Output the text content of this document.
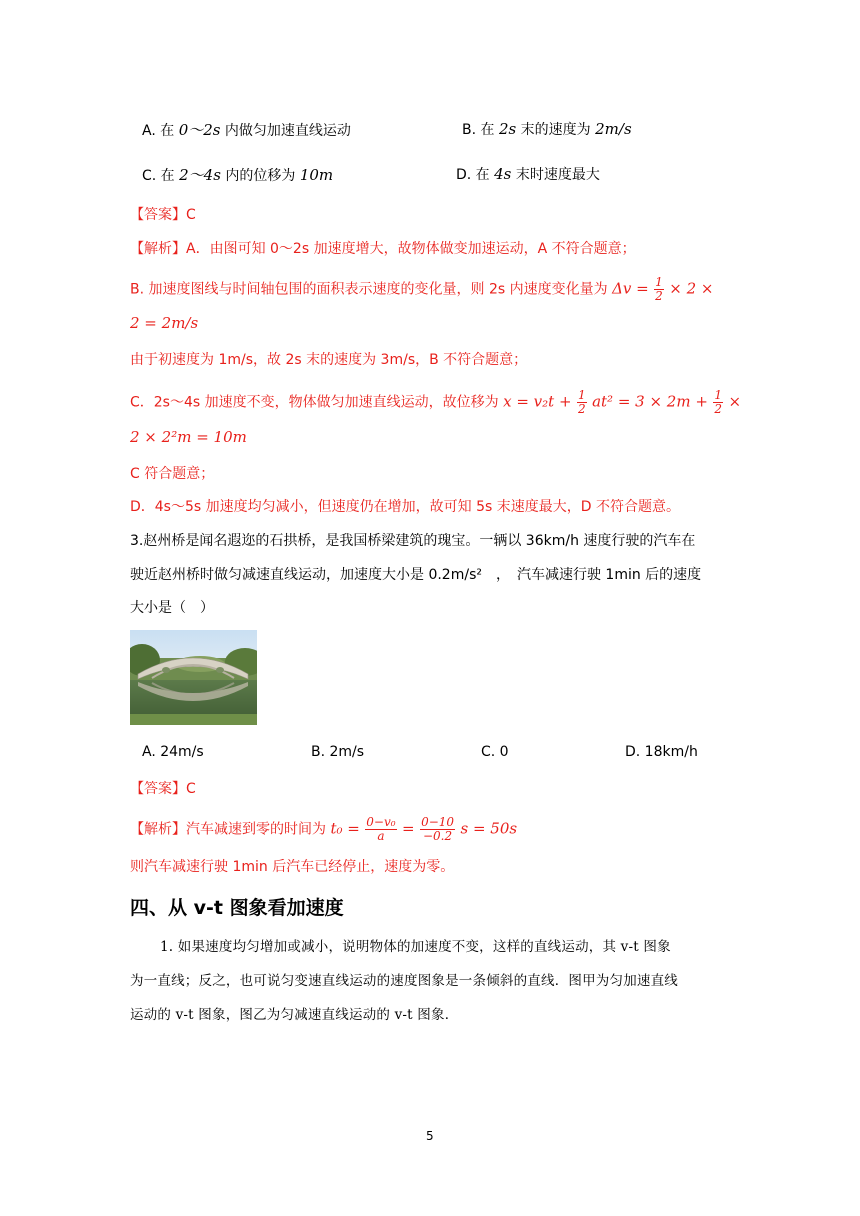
A. 在 0～2s 内做匀加速直线运动	B. 在 2s 末的速度为 2m/s
C. 在 2～4s 内的位移为 10m	D. 在 4s 末时速度最大
【答案】C
【解析】A．由图可知 0～2s 加速度增大，故物体做变加速运动，A 不符合题意；
B. 加速度图线与时间轴包围的面积表示速度的变化量，则 2s 内速度变化量为 $\Delta v = \frac{1}{2} \times 2$ ×
2 = 2m/s
由于初速度为 1m/s，故 2s 末的速度为 3m/s，B 不符合题意；
C．2s～4s 加速度不变，物体做匀加速直线运动，故位移为 $x = v_2t + \frac{1}{2} at^2 = 3 \times 2m + \frac{1}{2}$ ×
2 × 2²m = 10m
C 符合题意；
D．4s～5s 加速度均匀减小，但速度仍在增加，故可知 5s 末速度最大，D 不符合题意。
3.赵州桥是闻名遐迩的石拱桥，是我国桥梁建筑的瑰宝。一辆以 36km/h 速度行驶的汽车在
驶近赵州桥时做匀减速直线运动，加速度大小是 0.2m/s²　，　汽车减速行驶 1min 后的速度
大小是（　）
A. 24m/s	B. 2m/s	C. 0	D. 18km/h
【答案】C
【解析】汽车减速到零的时间为 $t_0 = \frac{\text{0−v₀}}{a} = \frac{0-10}{-0.2}$ s = 50s
则汽车减速行驶 1min 后汽车已经停止，速度为零。
四、从 v-t 图象看加速度
1. 如果速度均匀增加或减小，说明物体的加速度不变，这样的直线运动，其 v-t 图象
为一直线；反之，也可说匀变速直线运动的速度图象是一条倾斜的直线．图甲为匀加速直线
运动的 v-t 图象，图乙为匀减速直线运动的 v-t 图象．
5
